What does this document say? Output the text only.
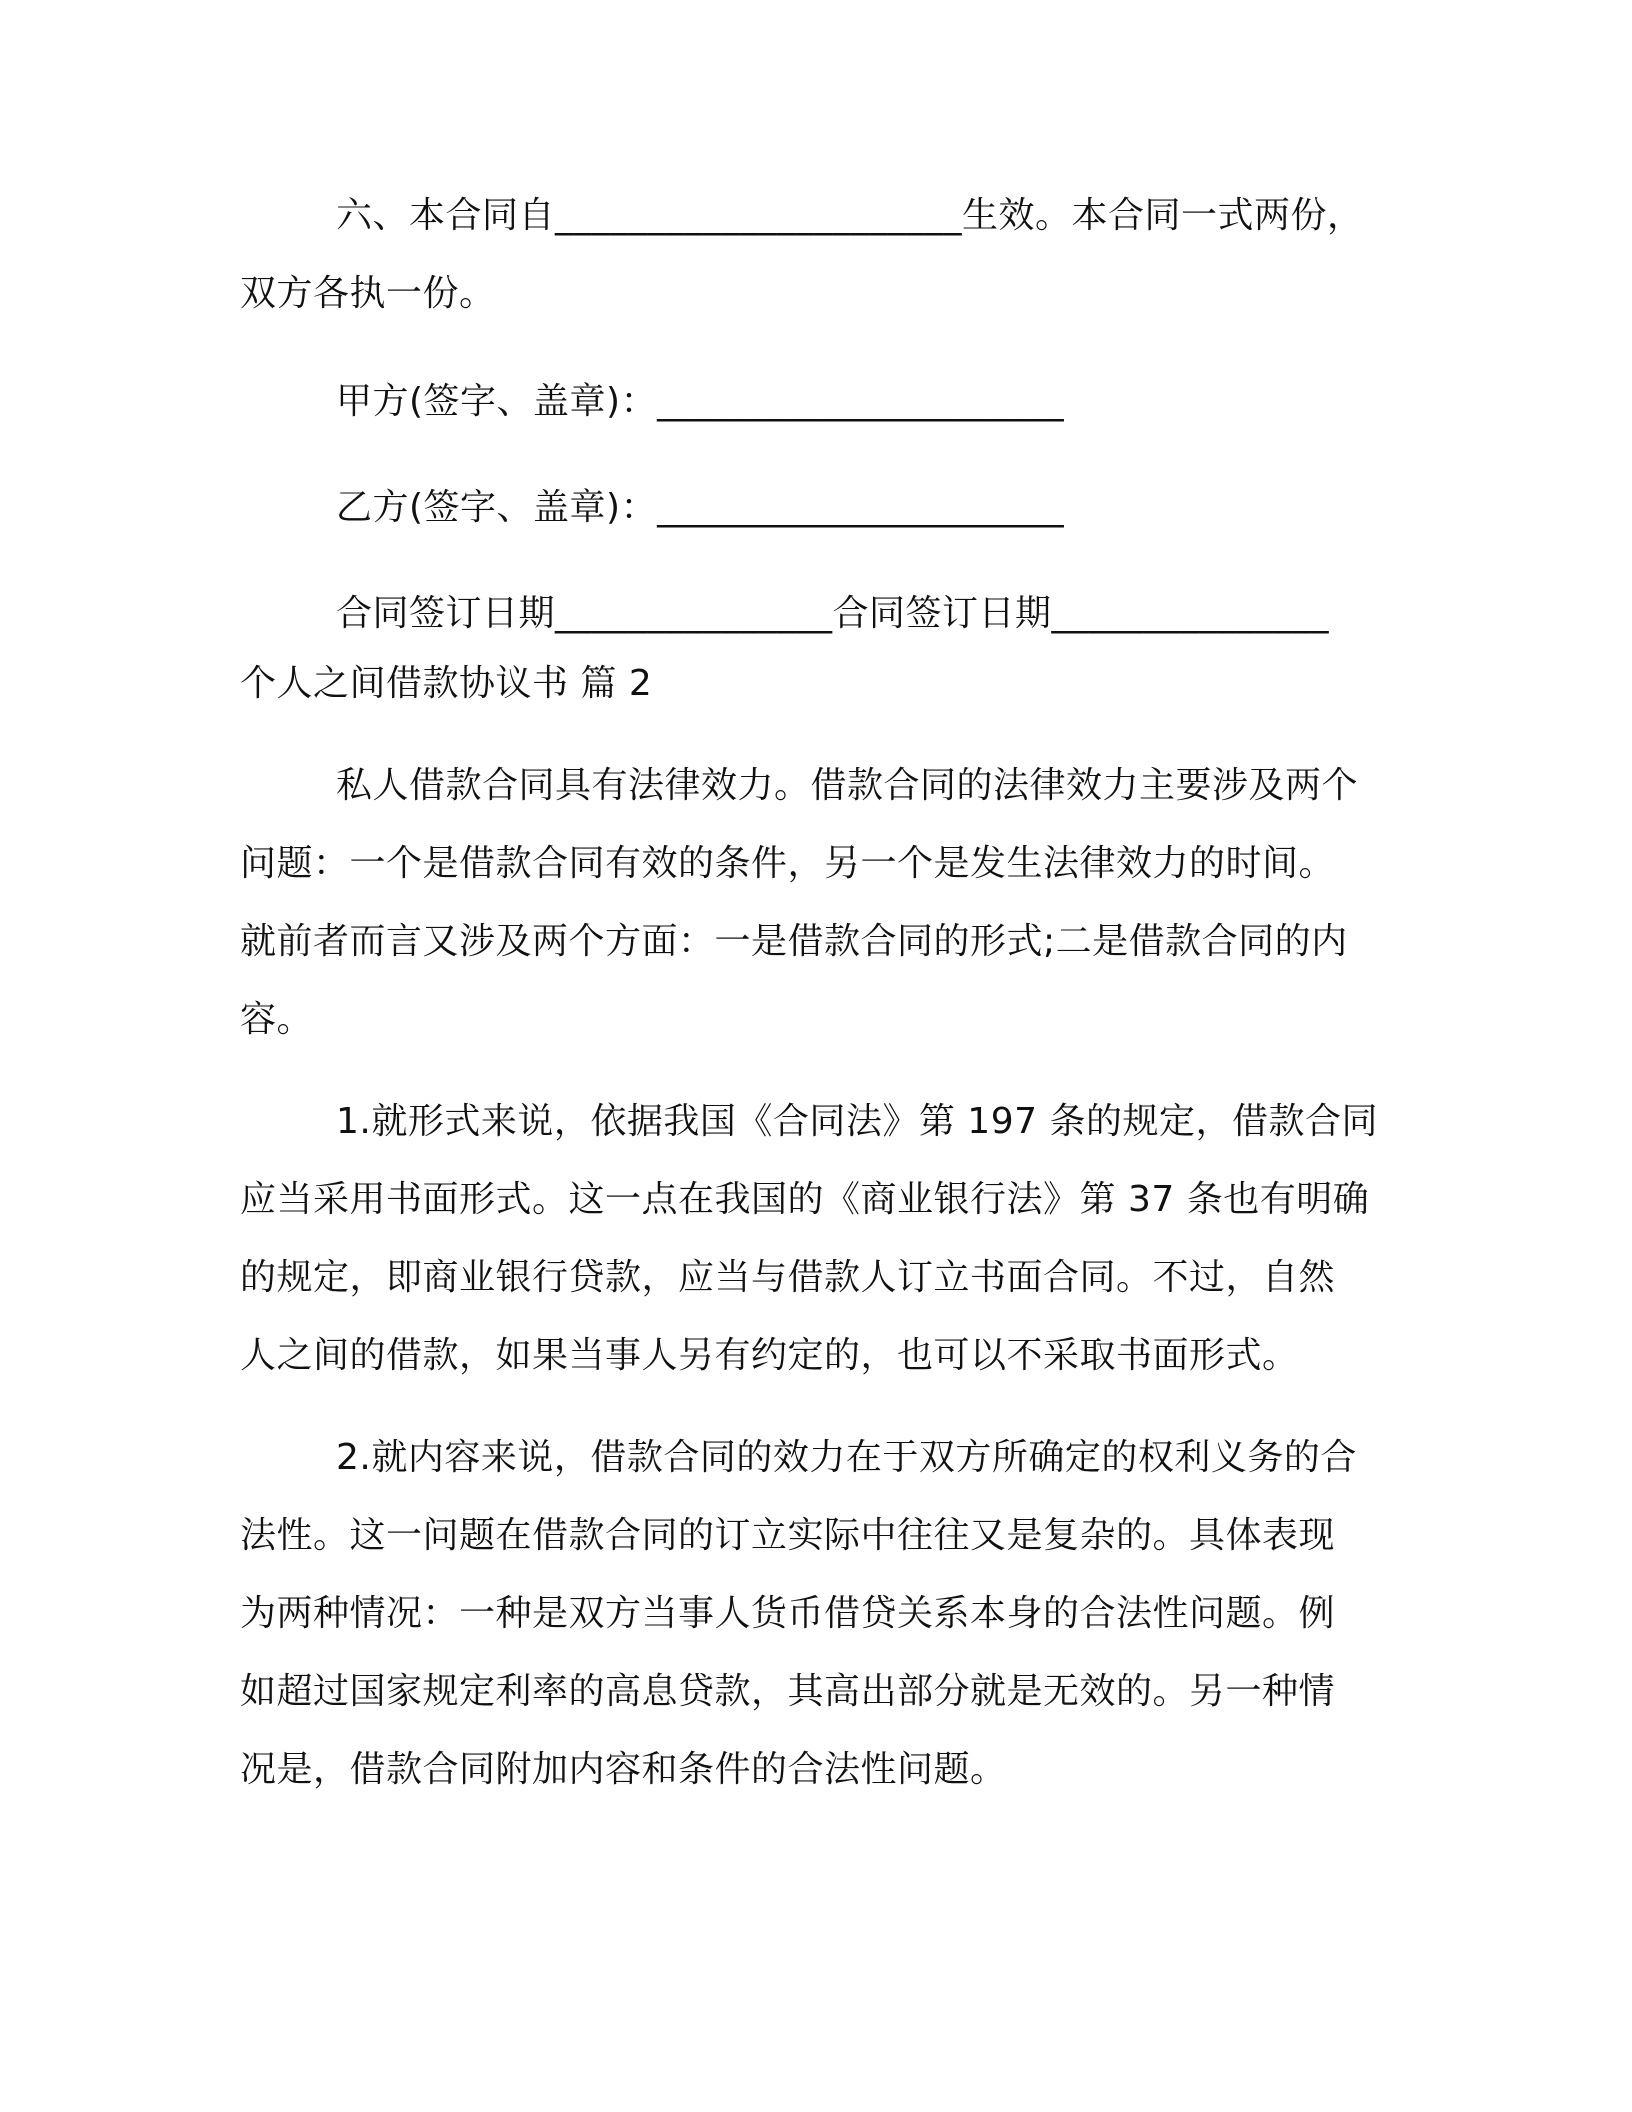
六、本合同自______________________生效。本合同一式两份，
双方各执一份。
甲方(签字、盖章)：______________________
乙方(签字、盖章)：______________________
合同签订日期_______________合同签订日期_______________
个人之间借款协议书 篇 2
私人借款合同具有法律效力。借款合同的法律效力主要涉及两个
问题：一个是借款合同有效的条件，另一个是发生法律效力的时间。
就前者而言又涉及两个方面：一是借款合同的形式;二是借款合同的内
容。
1.就形式来说，依据我国《合同法》第 197 条的规定，借款合同
应当采用书面形式。这一点在我国的《商业银行法》第 37 条也有明确
的规定，即商业银行贷款，应当与借款人订立书面合同。不过，自然
人之间的借款，如果当事人另有约定的，也可以不采取书面形式。
2.就内容来说，借款合同的效力在于双方所确定的权利义务的合
法性。这一问题在借款合同的订立实际中往往又是复杂的。具体表现
为两种情况：一种是双方当事人货币借贷关系本身的合法性问题。例
如超过国家规定利率的高息贷款，其高出部分就是无效的。另一种情
况是，借款合同附加内容和条件的合法性问题。
